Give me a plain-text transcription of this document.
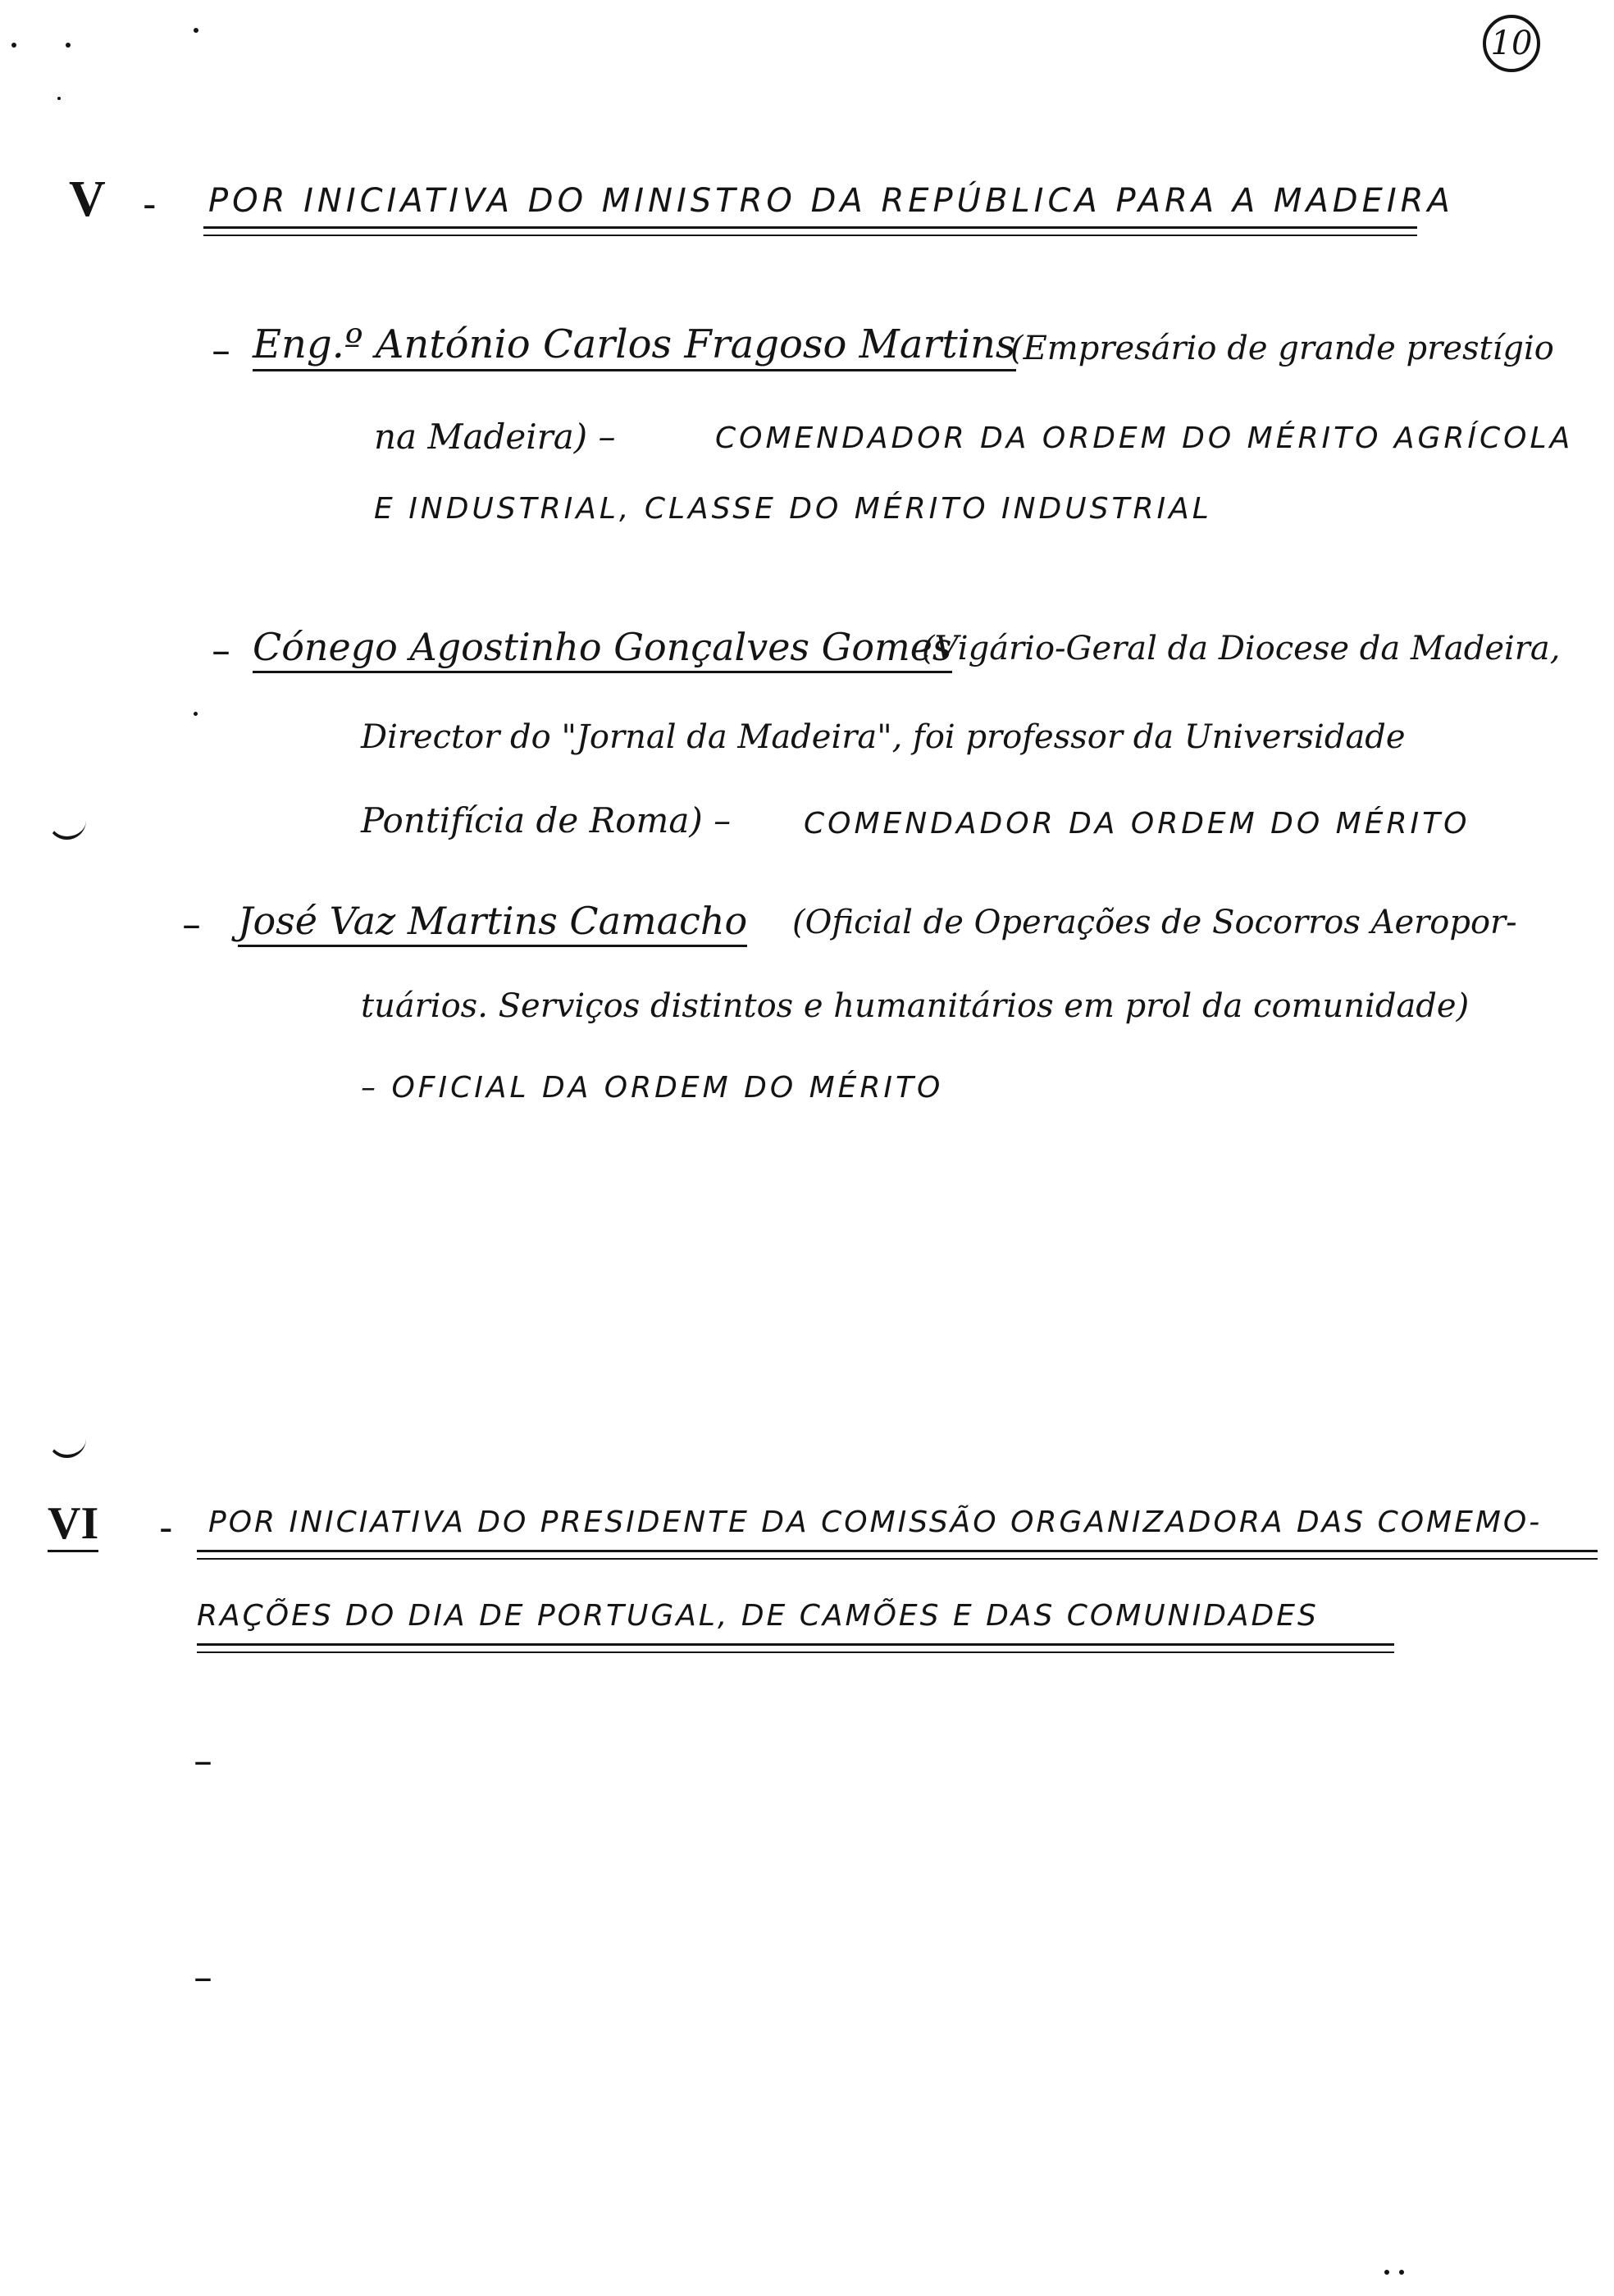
10
V - POR INICIATIVA DO MINISTRO DA REPÚBLICA PARA A MADEIRA
– Eng.º António Carlos Fragoso Martins
(Empresário de grande prestígio
na Madeira) –	COMENDADOR DA ORDEM DO MÉRITO AGRÍCOLA
E INDUSTRIAL, CLASSE DO MÉRITO INDUSTRIAL
– Cónego Agostinho Gonçalves Gomes
(Vigário-Geral da Diocese da Madeira,
Director do "Jornal da Madeira", foi professor da Universidade
Pontifícia de Roma) – COMENDADOR DA ORDEM DO MÉRITO
– José Vaz Martins Camacho (Oficial de Operações de Socorros Aeropor-
tuários. Serviços distintos e humanitários em prol da comunidade)
– OFICIAL DA ORDEM DO MÉRITO
VI - POR INICIATIVA DO PRESIDENTE DA COMISSÃO ORGANIZADORA DAS COMEMO-
RAÇÕES DO DIA DE PORTUGAL, DE CAMÕES E DAS COMUNIDADES
–
–
